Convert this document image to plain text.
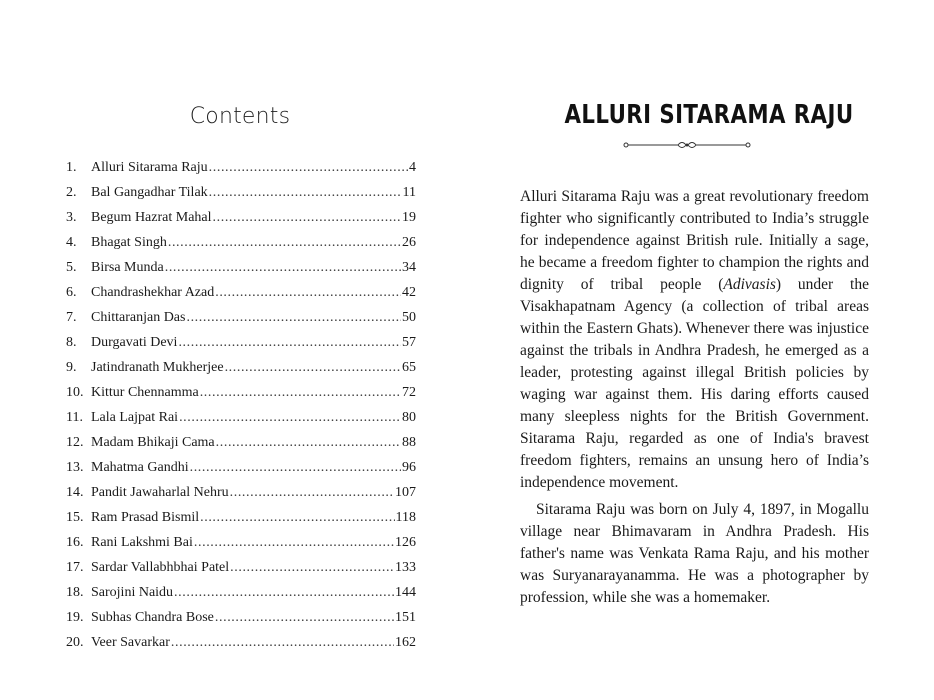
Contents
1.	Alluri Sitarama Raju .....	4
2.	Bal Gangadhar Tilak .....	11
3.	Begum Hazrat Mahal .....	19
4.	Bhagat Singh .....	26
5.	Birsa Munda .....	34
6.	Chandrashekhar Azad .....	42
7.	Chittaranjan Das .....	50
8.	Durgavati Devi .....	57
9.	Jatindranath Mukherjee .....	65
10. Kittur Chennamma .....	72
11. Lala Lajpat Rai .....	80
12. Madam Bhikaji Cama .....	88
13. Mahatma Gandhi .....	96
14. Pandit Jawaharlal Nehru .....	107
15. Ram Prasad Bismil .....	118
16. Rani Lakshmi Bai .....	126
17. Sardar Vallabhbhai Patel .....	133
18. Sarojini Naidu .....	144
19. Subhas Chandra Bose .....	151
20. Veer Savarkar .....	162
ALLURI SITARAMA RAJU

Alluri Sitarama Raju was a great revolutionary freedom fighter who significantly contributed to India’s struggle for independence against British rule. Initially a sage, he became a freedom fighter to champion the rights and dignity of tribal people (Adivasis) under the Visakhapatnam Agency (a collection of tribal areas within the Eastern Ghats). Whenever there was injustice against the tribals in Andhra Pradesh, he emerged as a leader, protesting against illegal British policies by waging war against them. His daring efforts caused many sleepless nights for the British Government. Sitarama Raju, regarded as one of India's bravest freedom fighters, remains an unsung hero of India’s independence movement.

Sitarama Raju was born on July 4, 1897, in Mogallu village near Bhimavaram in Andhra Pradesh. His father's name was Venkata Rama Raju, and his mother was Suryanarayanamma. He was a photographer by profession, while she was a homemaker.
